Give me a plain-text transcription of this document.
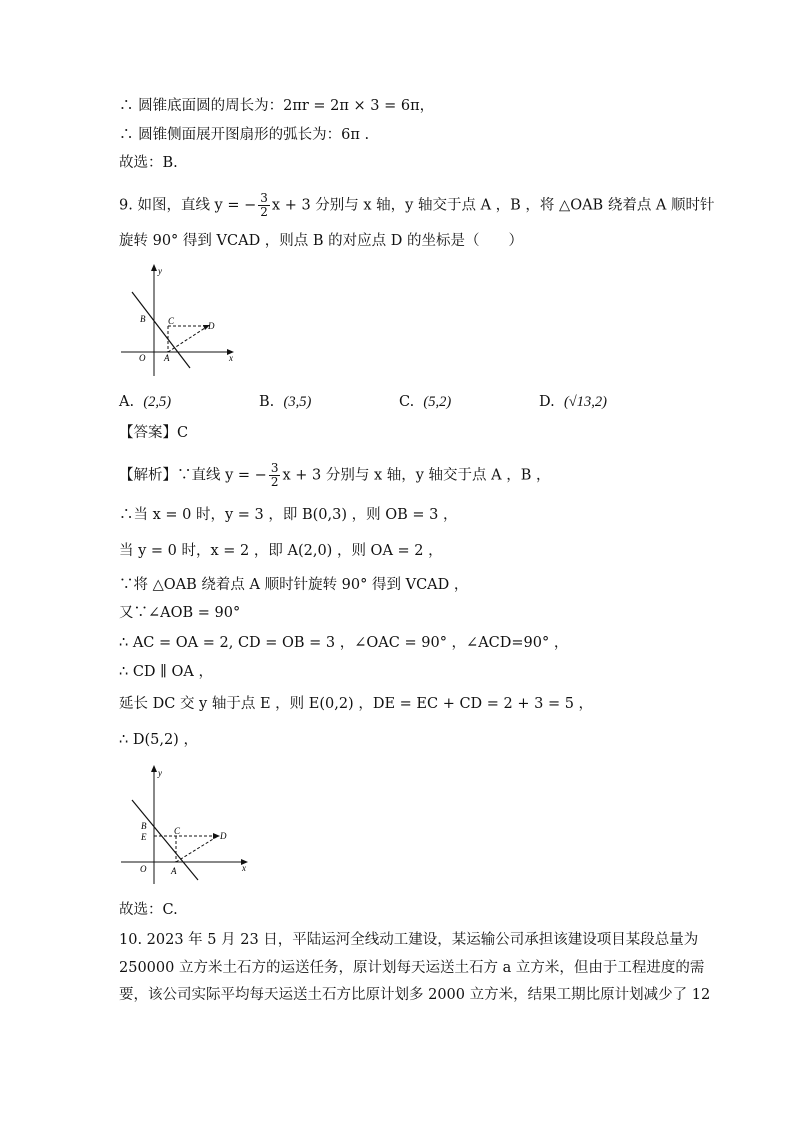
∴ 圆锥底面圆的周长为：2πr = 2π × 3 = 6π，
∴ 圆锥侧面展开图扇形的弧长为：6π .
故选：B.
9. 如图，直线 y = − $\frac{3}{2}$ x + 3 分别与 x 轴，y 轴交于点 A ，B ，将 △OAB 绕着点 A 顺时针
旋转 90° 得到 VCAD ，则点 B 的对应点 D 的坐标是（　　）
y
x
B	C	D
O A
A. (2,5)	B. (3,5)	C. (5,2)	D. (√13,2)
【答案】C
【解析】∵直线 y = − $\frac{3}{2}$ x + 3 分别与 x 轴，y 轴交于点 A ，B ，
∴当 x = 0 时，y = 3 ，即 B(0,3) ，则 OB = 3 ，
当 y = 0 时，x = 2 ，即 A(2,0) ，则 OA = 2 ，
∵将 △OAB 绕着点 A 顺时针旋转 90° 得到 VCAD ，
又∵∠AOB = 90°
∴ AC = OA = 2, CD = OB = 3 ，∠OAC = 90° ，∠ACD=90° ，
∴ CD ∥ OA ，
延长 DC 交 y 轴于点 E ，则 E(0,2) ，DE = EC + CD = 2 + 3 = 5 ，
∴ D(5,2) ，
y
x
B
E
C	D
O	A
故选：C.
10. 2023 年 5 月 23 日，平陆运河全线动工建设，某运输公司承担该建设项目某段总量为
250000 立方米土石方的运送任务，原计划每天运送土石方 a 立方米，但由于工程进度的需
要，该公司实际平均每天运送土石方比原计划多 2000 立方米，结果工期比原计划减少了 12
